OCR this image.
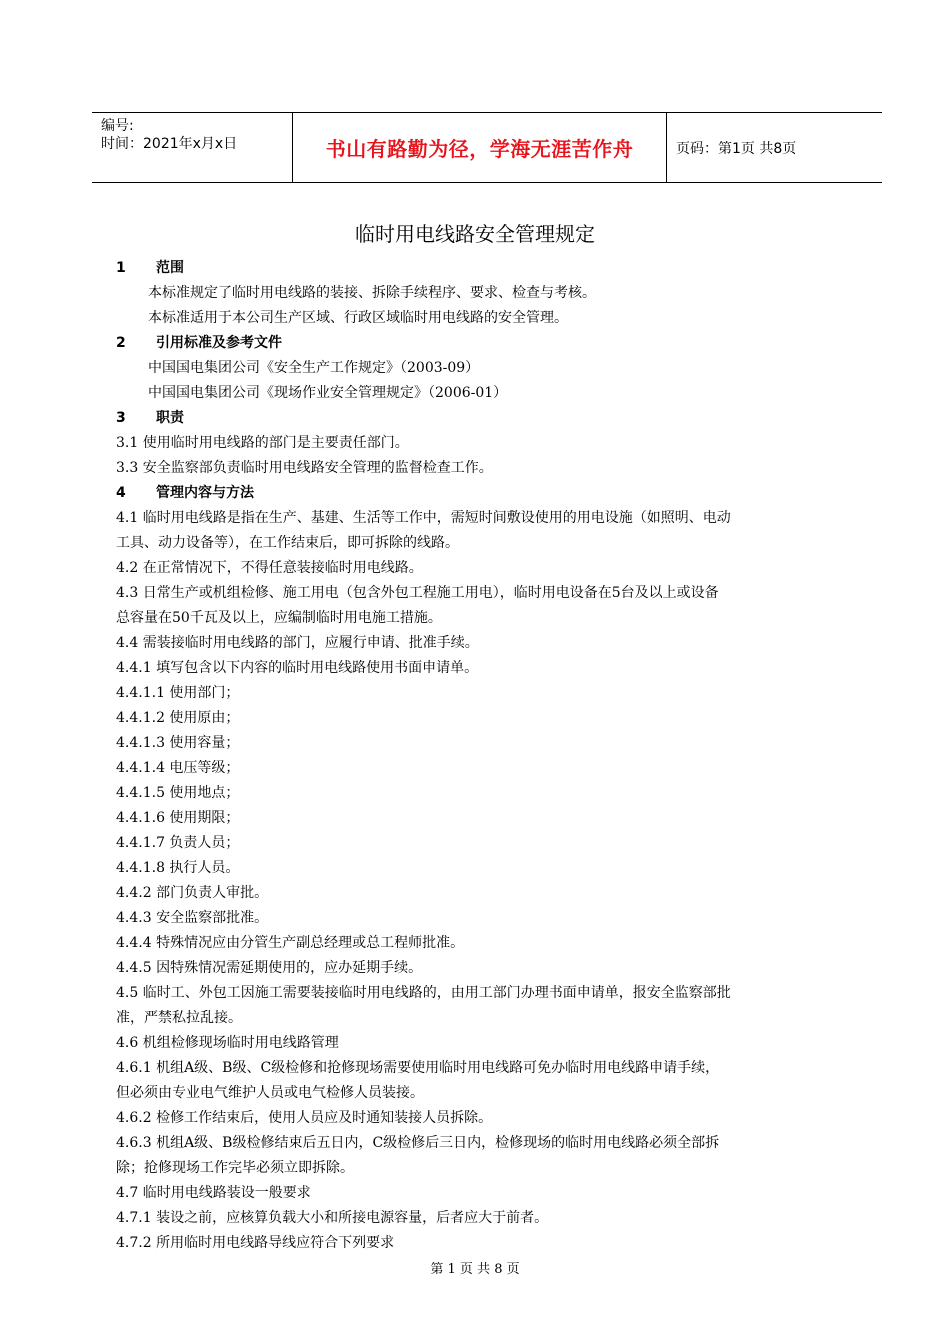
编号:
时间：2021年x月x日	书山有路勤为径，学海无涯苦作舟	页码：第1页 共8页
临时用电线路安全管理规定
1 范围
本标准规定了临时用电线路的装接、拆除手续程序、要求、检查与考核。
本标准适用于本公司生产区域、行政区域临时用电线路的安全管理。
2 引用标准及参考文件
中国国电集团公司《安全生产工作规定》（2003-09）
中国国电集团公司《现场作业安全管理规定》（2006-01）
3 职责
3.1 使用临时用电线路的部门是主要责任部门。
3.3 安全监察部负责临时用电线路安全管理的监督检查工作。
4 管理内容与方法
4.1 临时用电线路是指在生产、基建、生活等工作中，需短时间敷设使用的用电设施（如照明、电动
工具、动力设备等），在工作结束后，即可拆除的线路。
4.2 在正常情况下，不得任意装接临时用电线路。
4.3 日常生产或机组检修、施工用电（包含外包工程施工用电），临时用电设备在5台及以上或设备
总容量在50千瓦及以上，应编制临时用电施工措施。
4.4 需装接临时用电线路的部门，应履行申请、批准手续。
4.4.1 填写包含以下内容的临时用电线路使用书面申请单。
4.4.1.1 使用部门；
4.4.1.2 使用原由；
4.4.1.3 使用容量；
4.4.1.4 电压等级；
4.4.1.5 使用地点；
4.4.1.6 使用期限；
4.4.1.7 负责人员；
4.4.1.8 执行人员。
4.4.2 部门负责人审批。
4.4.3 安全监察部批准。
4.4.4 特殊情况应由分管生产副总经理或总工程师批准。
4.4.5 因特殊情况需延期使用的，应办延期手续。
4.5 临时工、外包工因施工需要装接临时用电线路的，由用工部门办理书面申请单，报安全监察部批
准，严禁私拉乱接。
4.6 机组检修现场临时用电线路管理
4.6.1 机组A级、B级、C级检修和抢修现场需要使用临时用电线路可免办临时用电线路申请手续，
但必须由专业电气维护人员或电气检修人员装接。
4.6.2 检修工作结束后，使用人员应及时通知装接人员拆除。
4.6.3 机组A级、B级检修结束后五日内，C级检修后三日内，检修现场的临时用电线路必须全部拆
除；抢修现场工作完毕必须立即拆除。
4.7 临时用电线路装设一般要求
4.7.1 装设之前，应核算负载大小和所接电源容量，后者应大于前者。
4.7.2 所用临时用电线路导线应符合下列要求
第 1 页 共 8 页
